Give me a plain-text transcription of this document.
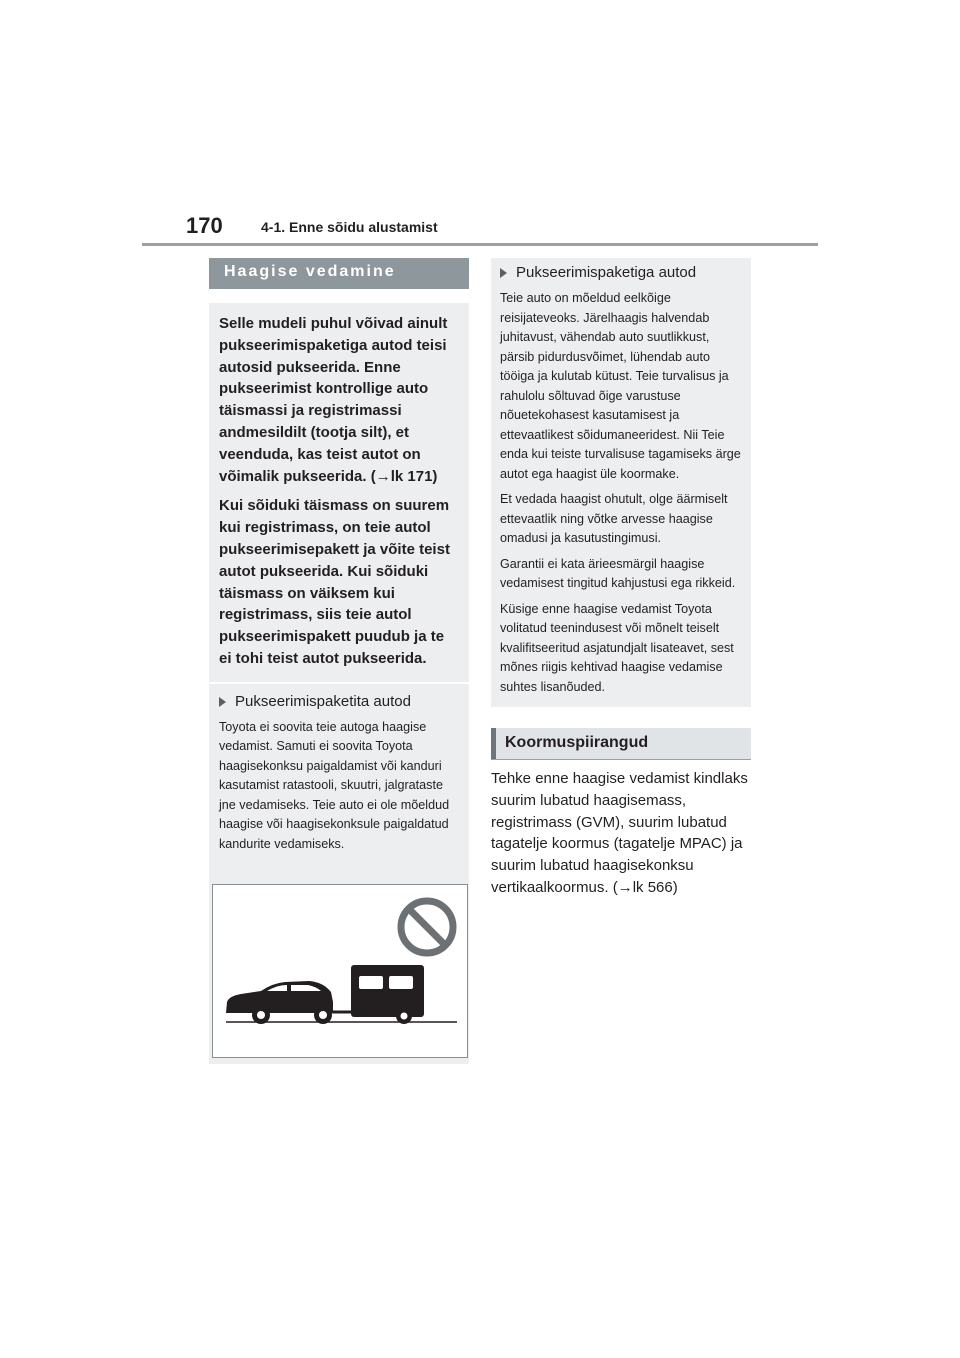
170	4-1. Enne sõidu alustamist
Haagise vedamine

Selle mudeli puhul võivad ainult pukseerimispaketiga autod teisi autosid pukseerida. Enne pukseerimist kontrollige auto täismassi ja registrimassi andmesildilt (tootja silt), et veenduda, kas teist autot on võimalik pukseerida. (→lk 171)

Kui sõiduki täismass on suurem kui registrimass, on teie autol pukseerimisepakett ja võite teist autot pukseerida. Kui sõiduki täismass on väiksem kui registrimass, siis teie autol pukseerimispakett puudub ja te ei tohi teist autot pukseerida.

Pukseerimispaketita autod

Toyota ei soovita teie autoga haagise vedamist. Samuti ei soovita Toyota haagisekonksu paigaldamist või kanduri kasutamist ratastooli, skuutri, jalgrataste jne vedamiseks. Teie auto ei ole mõeldud haagise või haagisekonksule paigaldatud kandurite vedamiseks.

Pukseerimispaketiga autod

Teie auto on mõeldud eelkõige reisijateveoks. Järelhaagis halvendab juhitavust, vähendab auto suutlikkust, pärsib pidurdusvõimet, lühendab auto tööiga ja kulutab kütust. Teie turvalisus ja rahulolu sõltuvad õige varustuse nõuetekohasest kasutamisest ja ettevaatlikest sõidumaneeridest. Nii Teie enda kui teiste turvalisuse tagamiseks ärge autot ega haagist üle koormake.

Et vedada haagist ohutult, olge äärmiselt ettevaatlik ning võtke arvesse haagise omadusi ja kasutustingimusi.

Garantii ei kata ärieesmärgil haagise vedamisest tingitud kahjustusi ega rikkeid.

Küsige enne haagise vedamist Toyota volitatud teenindusest või mõnelt teiselt kvalifitseeritud asjatundjalt lisateavet, sest mõnes riigis kehtivad haagise vedamise suhtes lisanõuded.

Koormuspiirangud
Tehke enne haagise vedamist kindlaks suurim lubatud haagisemass, registrimass (GVM), suurim lubatud tagatelje koormus (tagatelje MPAC) ja suurim lubatud haagisekonksu vertikaalkoormus. (→lk 566)
